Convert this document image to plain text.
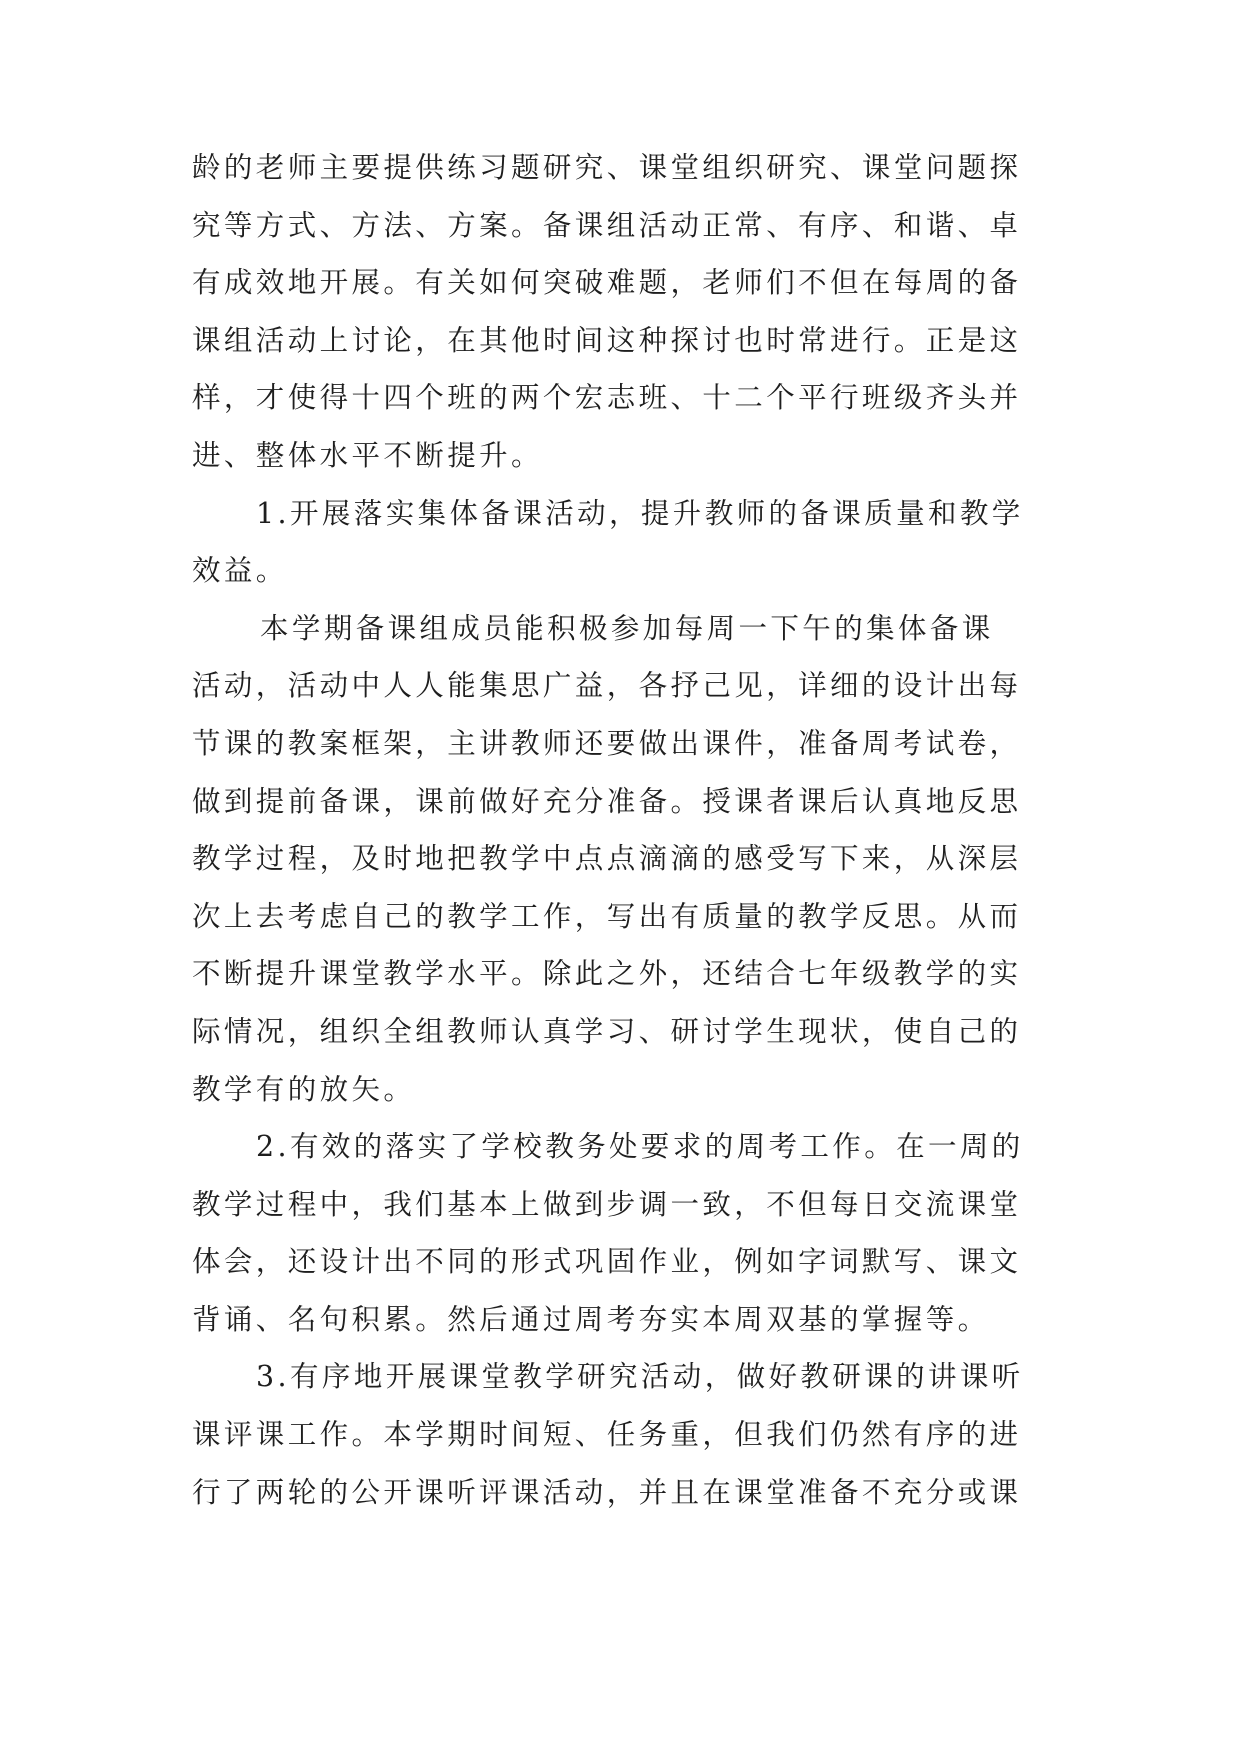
龄的老师主要提供练习题研究、课堂组织研究、课堂问题探
究等方式、方法、方案。备课组活动正常、有序、和谐、卓
有成效地开展。有关如何突破难题，老师们不但在每周的备
课组活动上讨论，在其他时间这种探讨也时常进行。正是这
样，才使得十四个班的两个宏志班、十二个平行班级齐头并
进、整体水平不断提升。
1.开展落实集体备课活动，提升教师的备课质量和教学
效益。
本学期备课组成员能积极参加每周一下午的集体备课
活动，活动中人人能集思广益，各抒己见，详细的设计出每
节课的教案框架，主讲教师还要做出课件，准备周考试卷，
做到提前备课，课前做好充分准备。授课者课后认真地反思
教学过程，及时地把教学中点点滴滴的感受写下来，从深层
次上去考虑自己的教学工作，写出有质量的教学反思。从而
不断提升课堂教学水平。除此之外，还结合七年级教学的实
际情况，组织全组教师认真学习、研讨学生现状，使自己的
教学有的放矢。
2.有效的落实了学校教务处要求的周考工作。在一周的
教学过程中，我们基本上做到步调一致，不但每日交流课堂
体会，还设计出不同的形式巩固作业，例如字词默写、课文
背诵、名句积累。然后通过周考夯实本周双基的掌握等。
3.有序地开展课堂教学研究活动，做好教研课的讲课听
课评课工作。本学期时间短、任务重，但我们仍然有序的进
行了两轮的公开课听评课活动，并且在课堂准备不充分或课
